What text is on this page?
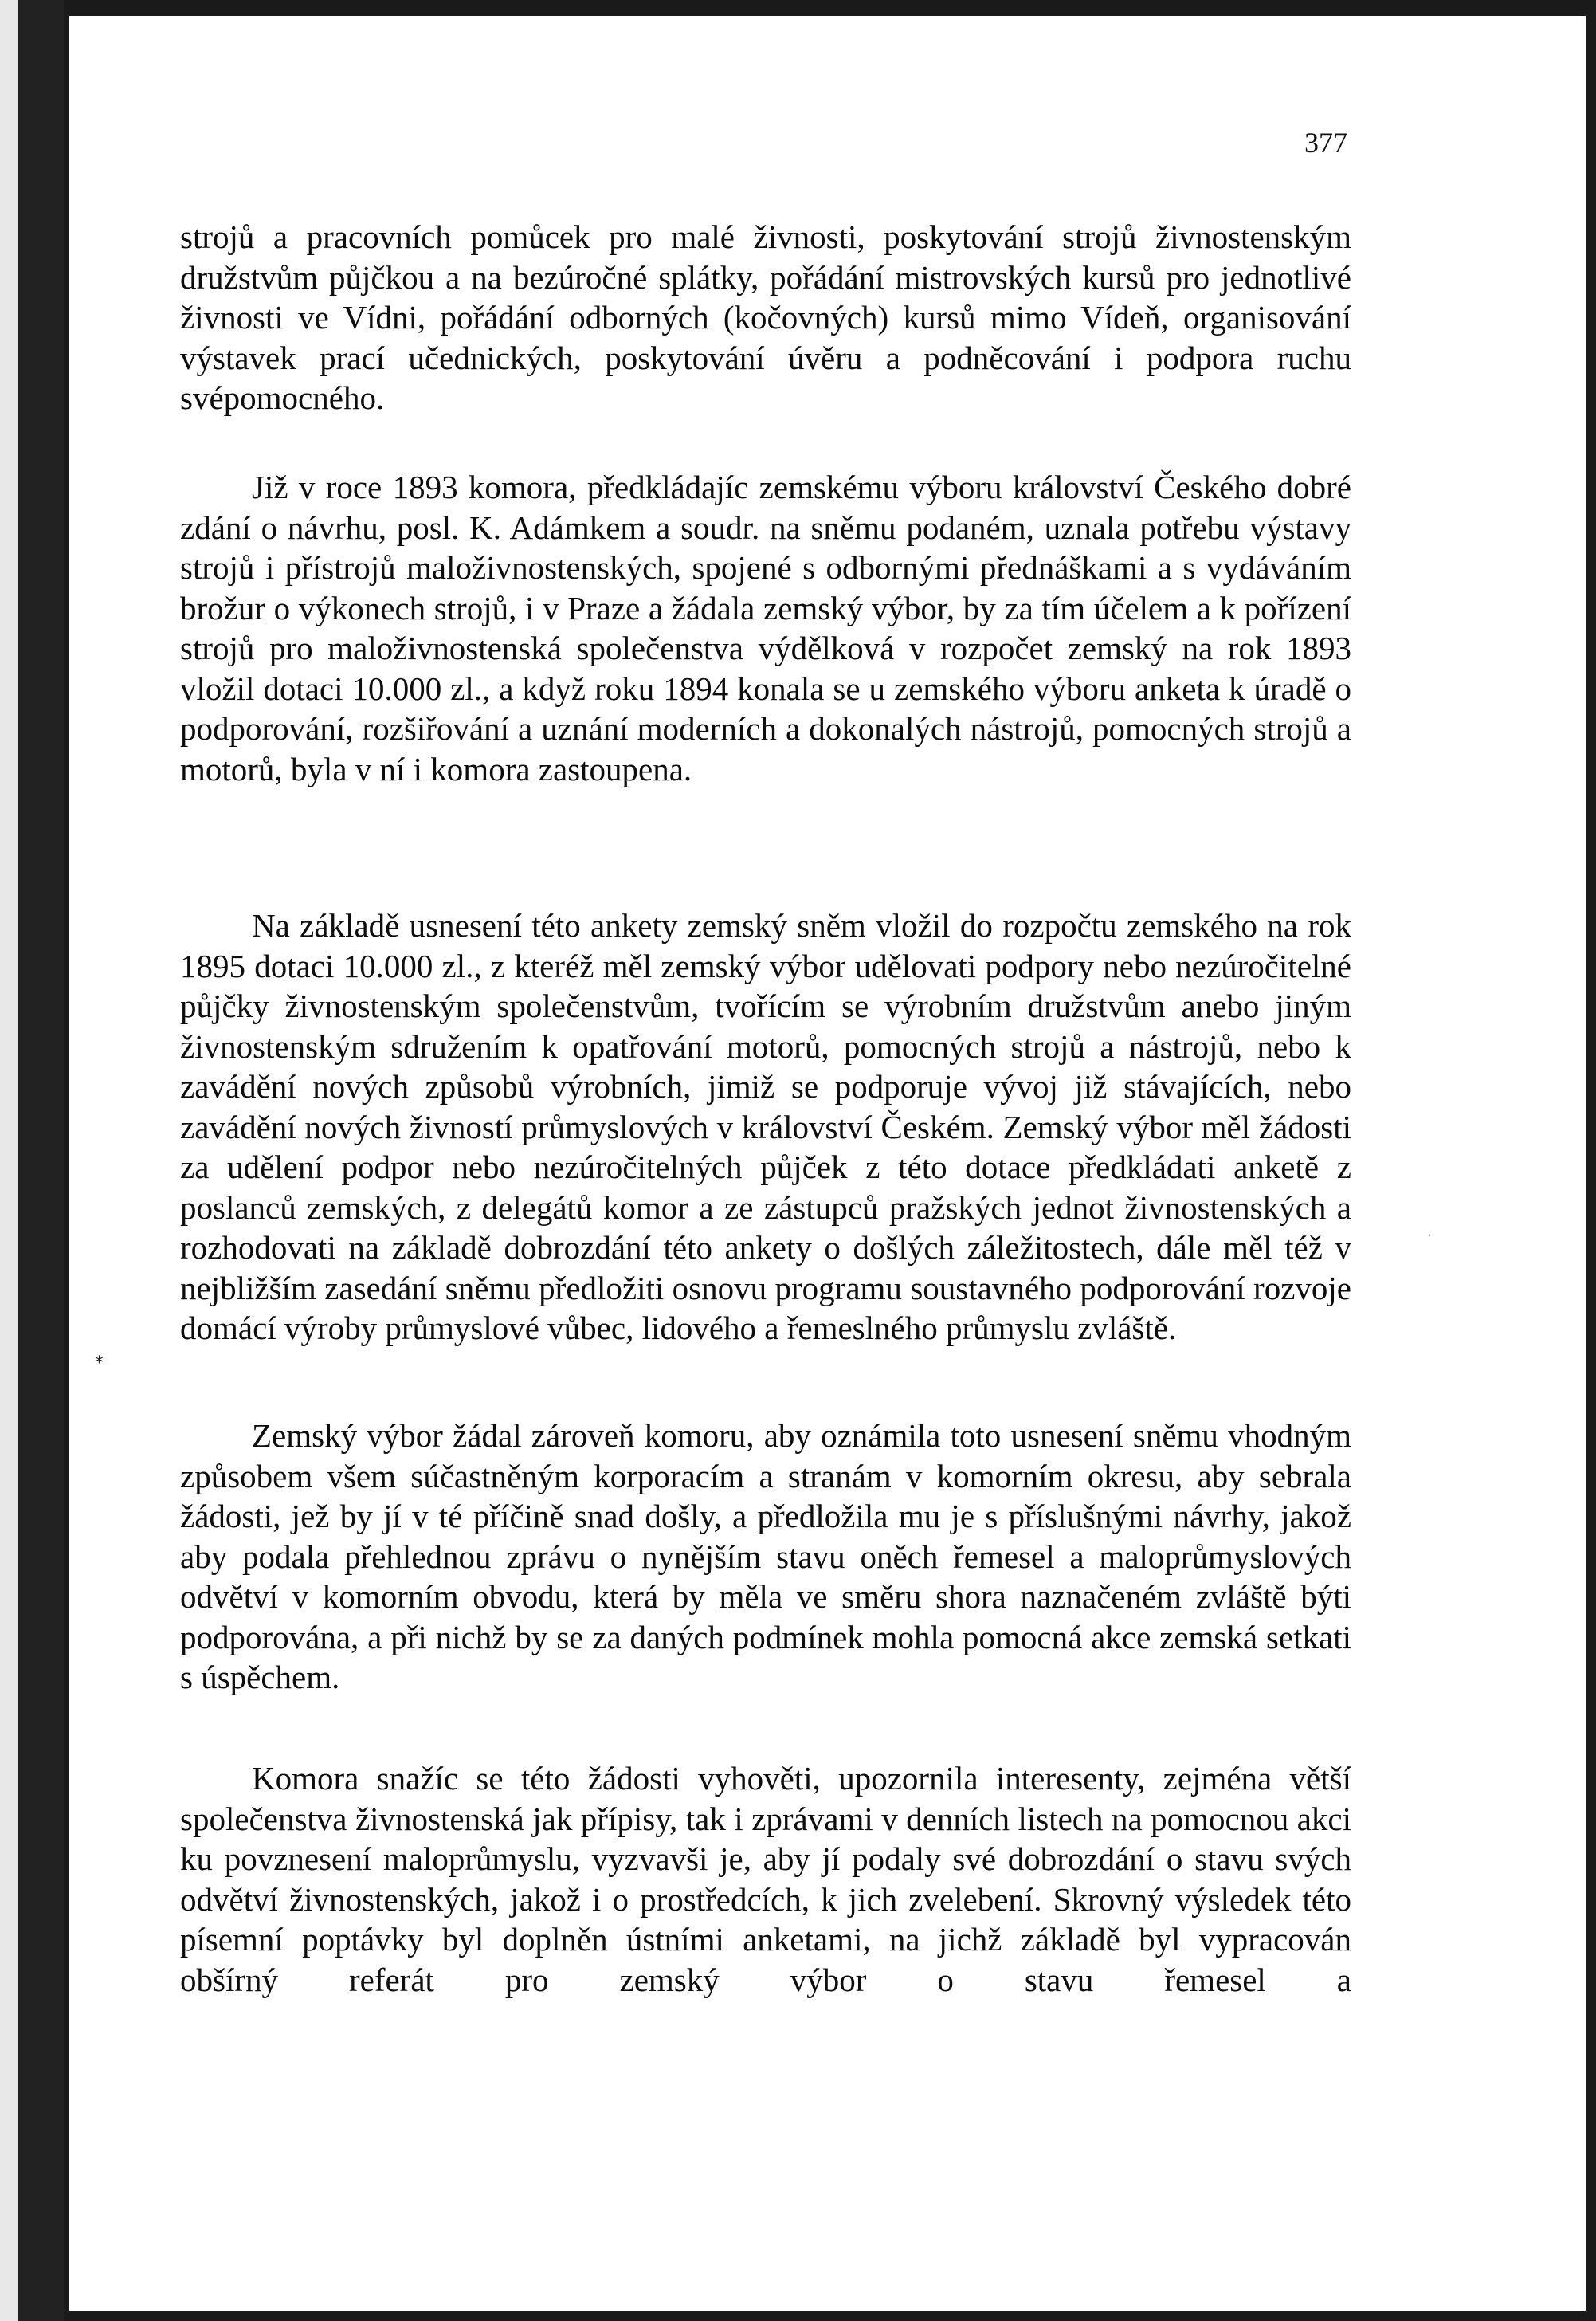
377
strojů a pracovních pomůcek pro malé živnosti, poskytování strojů živnostenským družstvům půjčkou a na bezúročné splátky, pořádání mistrovských kursů pro jednotlivé živnosti ve Vídni, pořádání odborných (kočovných) kursů mimo Vídeň, organisování výstavek prací učednických, poskytování úvěru a podněcování i podpora ruchu svépomocného.
Již v roce 1893 komora, předkládajíc zemskému výboru království Českého dobré zdání o návrhu, posl. K. Adámkem a soudr. na sněmu podaném, uznala potřebu výstavy strojů i přístrojů maloživnostenských, spojené s odbornými přednáškami a s vydáváním brožur o výkonech strojů, i v Praze a žádala zemský výbor, by za tím účelem a k pořízení strojů pro maloživnostenská společenstva výdělková v rozpočet zemský na rok 1893 vložil dotaci 10.000 zl., a když roku 1894 konala se u zemského výboru anketa k úradě o podporování, rozšiřování a uznání moderních a dokonalých nástrojů, pomocných strojů a motorů, byla v ní i komora zastoupena.
Na základě usnesení této ankety zemský sněm vložil do rozpočtu zemského na rok 1895 dotaci 10.000 zl., z kteréž měl zemský výbor udělovati podpory nebo nezúročitelné půjčky živnostenským společenstvům, tvořícím se výrobním družstvům anebo jiným živnostenským sdružením k opatřování motorů, pomocných strojů a nástrojů, nebo k zavádění nových způsobů výrobních, jimiž se podporuje vývoj již stávajících, nebo zavádění nových živností průmyslových v království Českém. Zemský výbor měl žádosti za udělení podpor nebo nezúročitelných půjček z této dotace předkládati anketě z poslanců zemských, z delegátů komor a ze zástupců pražských jednot živnostenských a rozhodovati na základě dobrozdání této ankety o došlých záležitostech, dále měl též v nejbližším zasedání sněmu předložiti osnovu programu soustavného podporování rozvoje domácí výroby průmyslové vůbec, lidového a řemeslného průmyslu zvláště.
Zemský výbor žádal zároveň komoru, aby oznámila toto usnesení sněmu vhodným způsobem všem súčastněným korporacím a stranám v komorním okresu, aby sebrala žádosti, jež by jí v té příčině snad došly, a předložila mu je s příslušnými návrhy, jakož aby podala přehlednou zprávu o nynějším stavu oněch řemesel a maloprůmyslových odvětví v komorním obvodu, která by měla ve směru shora naznačeném zvláště býti podporována, a při nichž by se za daných podmínek mohla pomocná akce zemská setkati s úspěchem.
Komora snažíc se této žádosti vyhověti, upozornila interesenty, zejména větší společenstva živnostenská jak přípisy, tak i zprávami v denních listech na pomocnou akci ku povznesení maloprůmyslu, vyzvavši je, aby jí podaly své dobrozdání o stavu svých odvětví živnostenských, jakož i o prostředcích, k jich zvelebení. Skrovný výsledek této písemní poptávky byl doplněn ústními anketami, na jichž základě byl vypracován obšírný referát pro zemský výbor o stavu řemesel a
*
·
